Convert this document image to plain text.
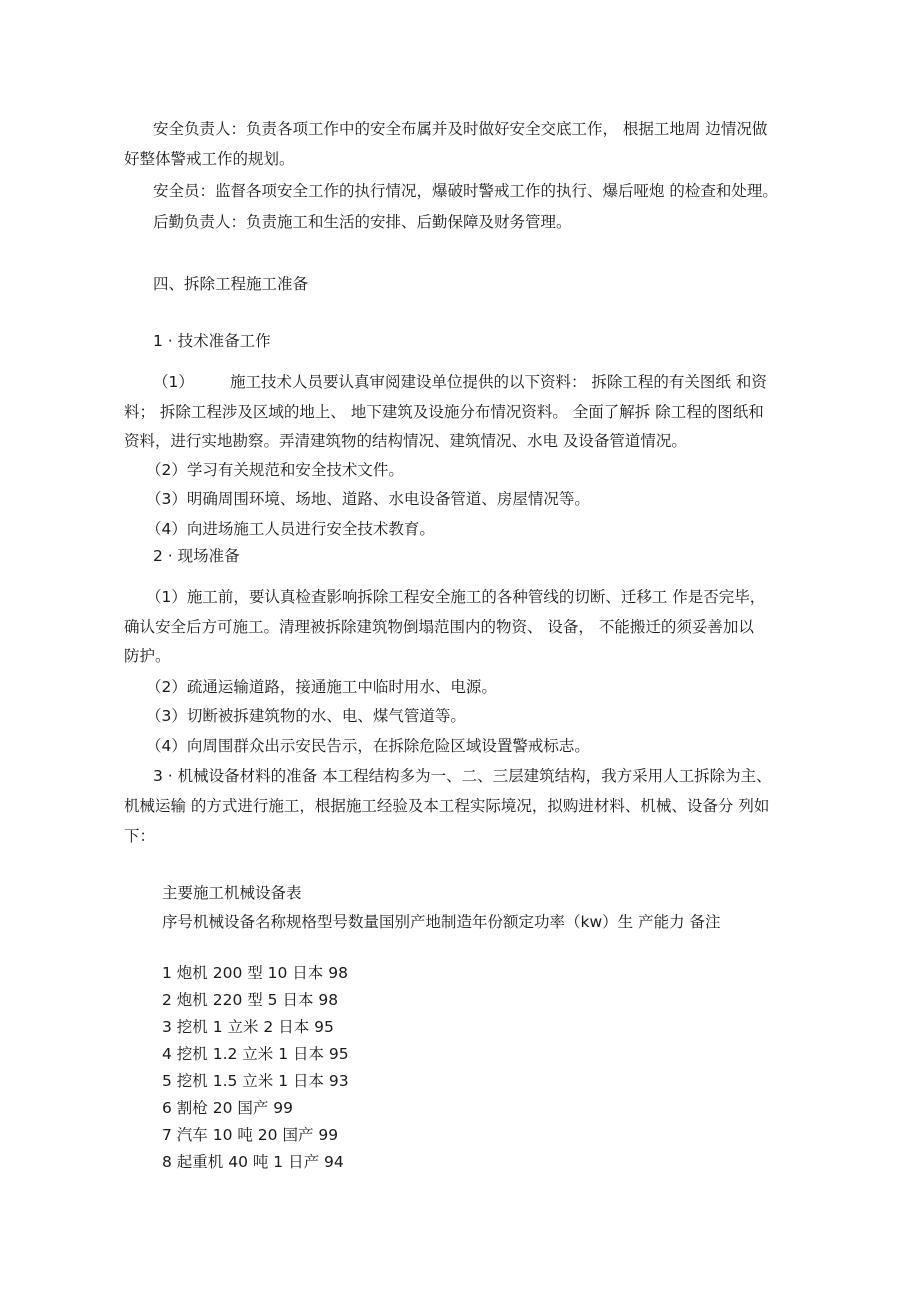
安全负责人：负责各项工作中的安全布属并及时做好安全交底工作， 根据工地周 边情况做
好整体警戒工作的规划。
安全员：监督各项安全工作的执行情况，爆破时警戒工作的执行、爆后哑炮 的检查和处理。
后勤负责人：负责施工和生活的安排、后勤保障及财务管理。
四、拆除工程施工准备
1 · 技术准备工作
（1） 施工技术人员要认真审阅建设单位提供的以下资料： 拆除工程的有关图纸 和资
料； 拆除工程涉及区域的地上、 地下建筑及设施分布情况资料。 全面了解拆 除工程的图纸和
资料，进行实地勘察。弄清建筑物的结构情况、建筑情况、水电 及设备管道情况。
（2）学习有关规范和安全技术文件。
（3）明确周围环境、场地、道路、水电设备管道、房屋情况等。
（4）向进场施工人员进行安全技术教育。
2 · 现场准备
（1）施工前，要认真检查影响拆除工程安全施工的各种管线的切断、迁移工 作是否完毕，
确认安全后方可施工。清理被拆除建筑物倒塌范围内的物资、 设备， 不能搬迁的须妥善加以
防护。
（2）疏通运输道路，接通施工中临时用水、电源。
（3）切断被拆建筑物的水、电、煤气管道等。
（4）向周围群众出示安民告示，在拆除危险区域设置警戒标志。
3 · 机械设备材料的准备 本工程结构多为一、二、三层建筑结构，我方采用人工拆除为主、
机械运输 的方式进行施工，根据施工经验及本工程实际境况，拟购进材料、机械、设备分 列如
下：
主要施工机械设备表
序号机械设备名称规格型号数量国别产地制造年份额定功率（kw）生 产能力 备注
1 炮机 200 型 10 日本 98
2 炮机 220 型 5 日本 98
3 挖机 1 立米 2 日本 95
4 挖机 1.2 立米 1 日本 95
5 挖机 1.5 立米 1 日本 93
6 割枪 20 国产 99
7 汽车 10 吨 20 国产 99
8 起重机 40 吨 1 日产 94
